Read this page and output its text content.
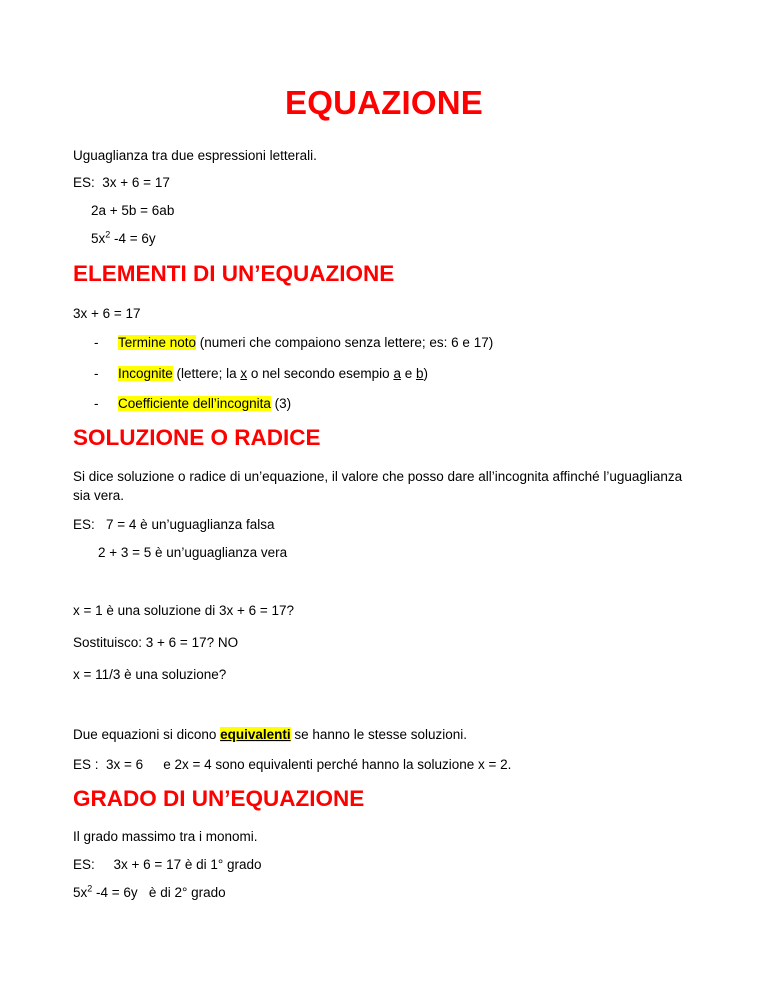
EQUAZIONE
Uguaglianza tra due espressioni letterali.
ES: 3x + 6 = 17
2a + 5b = 6ab
$5x^2$ -4 = 6y
ELEMENTI DI UN’EQUAZIONE
3x + 6 = 17
- Termine noto (numeri che compaiono senza lettere; es: 6 e 17)
- Incognite (lettere; la x o nel secondo esempio a e b)
- Coefficiente dell’incognita (3)
SOLUZIONE O RADICE
Si dice soluzione o radice di un’equazione, il valore che posso dare all’incognita affinché l’uguaglianza sia vera.
ES: 7 = 4 è un’uguaglianza falsa
2 + 3 = 5 è un’uguaglianza vera
x = 1 è una soluzione di 3x + 6 = 17?
Sostituisco: 3 + 6 = 17? NO
x = 11/3 è una soluzione?
Due equazioni si dicono equivalenti se hanno le stesse soluzioni.
ES : 3x = 6 e 2x = 4 sono equivalenti perché hanno la soluzione x = 2.
GRADO DI UN’EQUAZIONE
Il grado massimo tra i monomi.
ES: 3x + 6 = 17 è di 1° grado
$5x^2$ -4 = 6y   è di 2° grado
